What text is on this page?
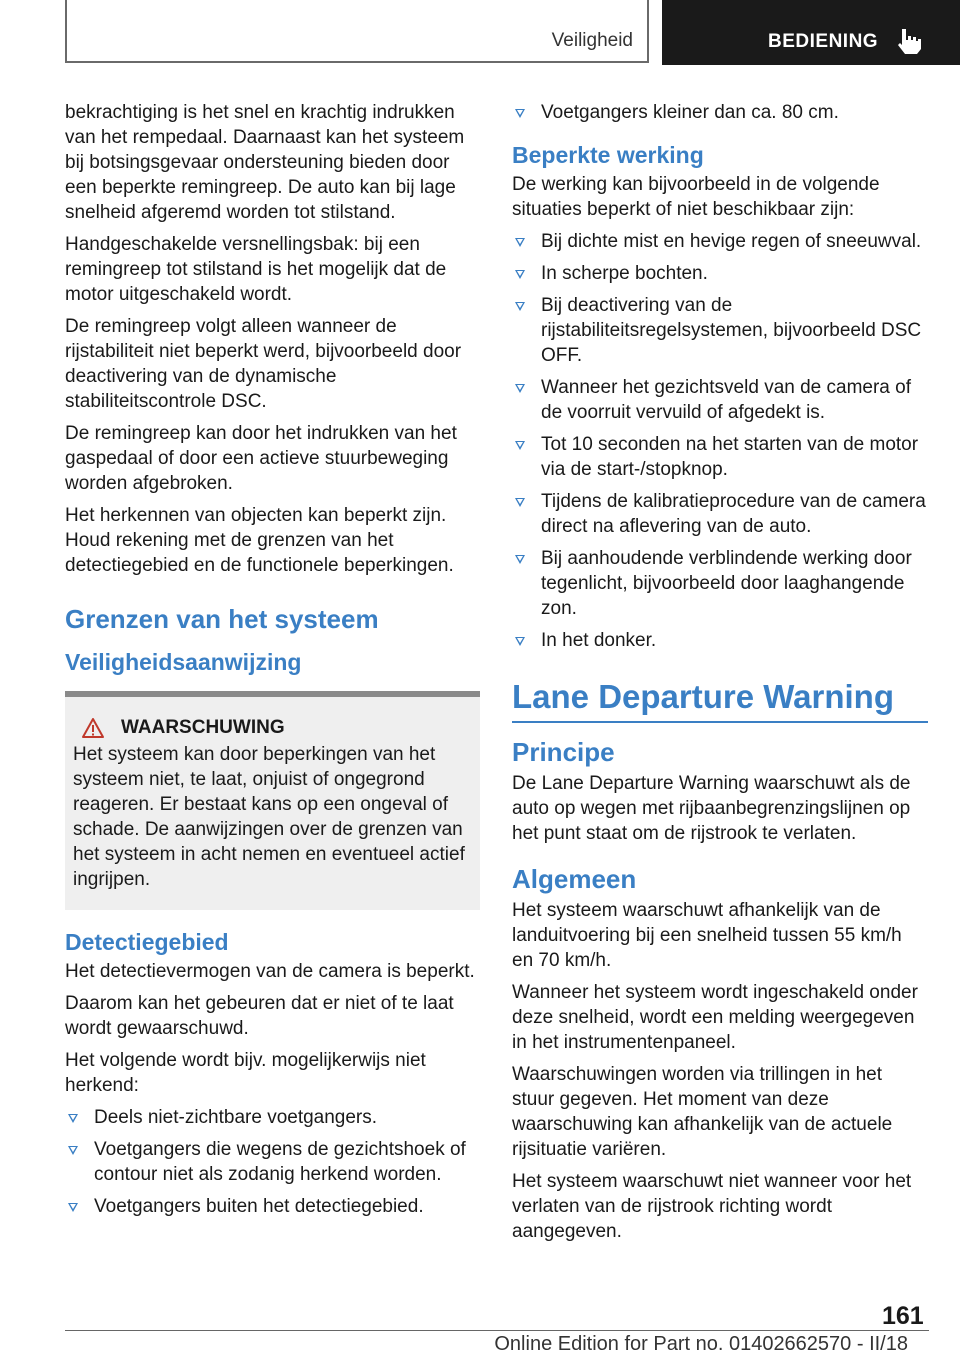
Veiligheid	BEDIENING

bekrachtiging is het snel en krachtig indrukken van het rempedaal. Daarnaast kan het systeem bij botsingsgevaar ondersteuning bieden door een beperkte remingreep. De auto kan bij lage snelheid afgeremd worden tot stilstand.

Handgeschakelde versnellingsbak: bij een remingreep tot stilstand is het mogelijk dat de motor uitgeschakeld wordt.

De remingreep volgt alleen wanneer de rijstabiliteit niet beperkt werd, bijvoorbeeld door deactivering van de dynamische stabiliteitscontrole DSC.

De remingreep kan door het indrukken van het gaspedaal of door een actieve stuurbeweging worden afgebroken.

Het herkennen van objecten kan beperkt zijn. Houd rekening met de grenzen van het detectiegebied en de functionele beperkingen.

Grenzen van het systeem
Veiligheidsaanwijzing
WAARSCHUWING
Het systeem kan door beperkingen van het systeem niet, te laat, onjuist of ongegrond reageren. Er bestaat kans op een ongeval of schade. De aanwijzingen over de grenzen van het systeem in acht nemen en eventueel actief ingrijpen.
Detectiegebied

Het detectievermogen van de camera is beperkt.

Daarom kan het gebeuren dat er niet of te laat wordt gewaarschuwd.

Het volgende wordt bijv. mogelijkerwijs niet herkend:

Deels niet-zichtbare voetgangers.
Voetgangers die wegens de gezichtshoek of contour niet als zodanig herkend worden.
Voetgangers buiten het detectiegebied.
Voetgangers kleiner dan ca. 80 cm.
Beperkte werking

De werking kan bijvoorbeeld in de volgende situaties beperkt of niet beschikbaar zijn:

Bij dichte mist en hevige regen of sneeuwval.
In scherpe bochten.
Bij deactivering van de rijstabiliteitsregelsystemen, bijvoorbeeld DSC OFF.
Wanneer het gezichtsveld van de camera of de voorruit vervuild of afgedekt is.
Tot 10 seconden na het starten van de motor via de start-/stopknop.
Tijdens de kalibratieprocedure van de camera direct na aflevering van de auto.
Bij aanhoudende verblindende werking door tegenlicht, bijvoorbeeld door laaghangende zon.
In het donker.
Lane Departure Warning
Principe

De Lane Departure Warning waarschuwt als de auto op wegen met rijbaanbegrenzingslijnen op het punt staat om de rijstrook te verlaten.

Algemeen

Het systeem waarschuwt afhankelijk van de landuitvoering bij een snelheid tussen 55 km/h en 70 km/h.

Wanneer het systeem wordt ingeschakeld onder deze snelheid, wordt een melding weergegeven in het instrumentenpaneel.

Waarschuwingen worden via trillingen in het stuur gegeven. Het moment van deze waarschuwing kan afhankelijk van de actuele rijsituatie variëren.

Het systeem waarschuwt niet wanneer voor het verlaten van de rijstrook richting wordt aangegeven.

161
Online Edition for Part no. 01402662570 - II/18
